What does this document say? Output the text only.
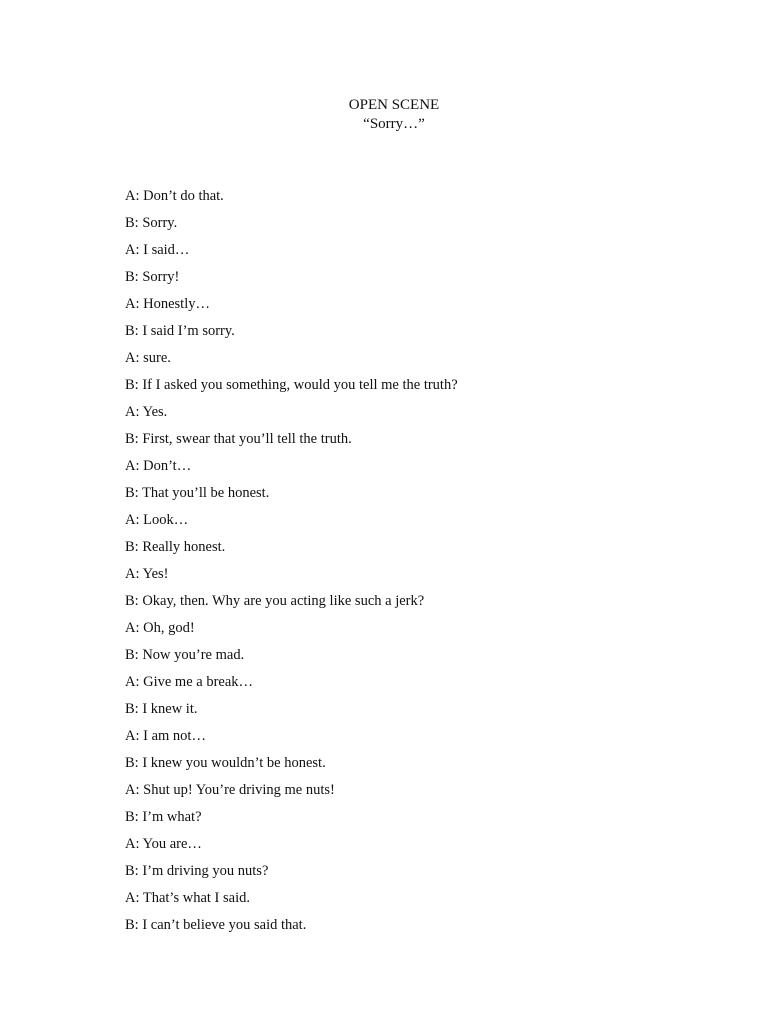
OPEN SCENE
“Sorry…”
A: Don’t do that.
B: Sorry.
A: I said…
B: Sorry!
A: Honestly…
B: I said I’m sorry.
A: sure.
B: If I asked you something, would you tell me the truth?
A: Yes.
B: First, swear that you’ll tell the truth.
A: Don’t…
B: That you’ll be honest.
A: Look…
B: Really honest.
A: Yes!
B: Okay, then. Why are you acting like such a jerk?
A: Oh, god!
B: Now you’re mad.
A: Give me a break…
B: I knew it.
A: I am not…
B: I knew you wouldn’t be honest.
A: Shut up! You’re driving me nuts!
B: I’m what?
A: You are…
B: I’m driving you nuts?
A: That’s what I said.
B: I can’t believe you said that.
